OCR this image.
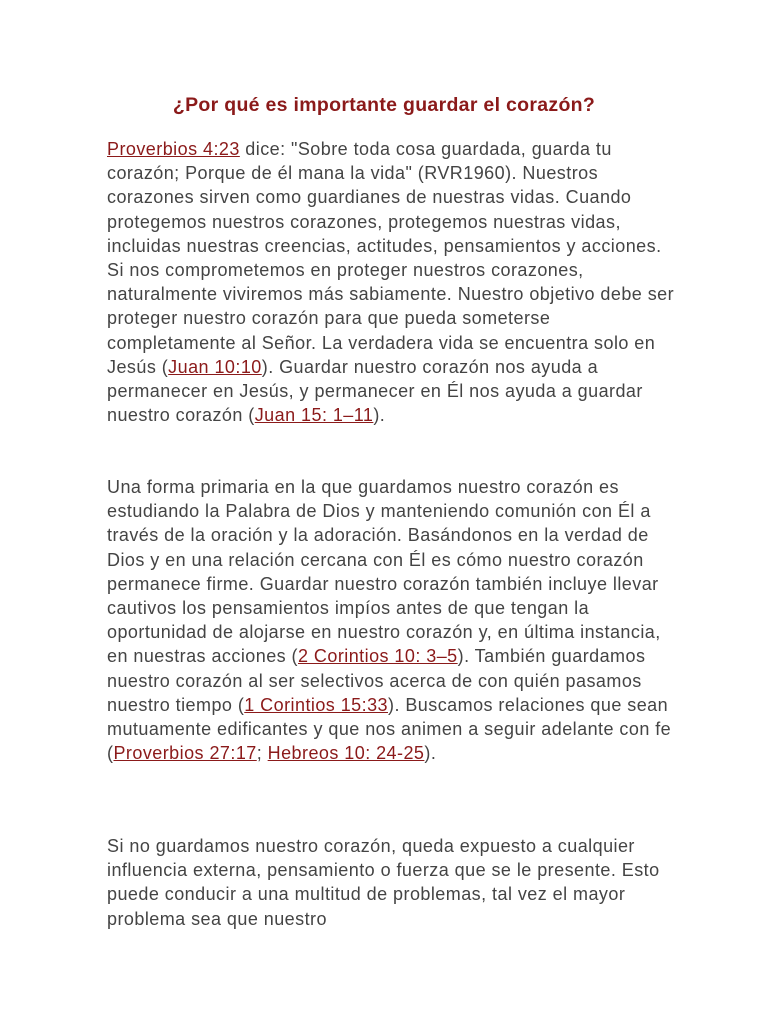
¿Por qué es importante guardar el corazón?

Proverbios 4:23 dice: "Sobre toda cosa guardada, guarda tu corazón; Porque de él mana la vida" (RVR1960). Nuestros corazones sirven como guardianes de nuestras vidas. Cuando protegemos nuestros corazones, protegemos nuestras vidas, incluidas nuestras creencias, actitudes, pensamientos y acciones. Si nos comprometemos en proteger nuestros corazones, naturalmente viviremos más sabiamente. Nuestro objetivo debe ser proteger nuestro corazón para que pueda someterse completamente al Señor. La verdadera vida se encuentra solo en Jesús (Juan 10:10). Guardar nuestro corazón nos ayuda a permanecer en Jesús, y permanecer en Él nos ayuda a guardar nuestro corazón (Juan 15: 1–11).

Una forma primaria en la que guardamos nuestro corazón es estudiando la Palabra de Dios y manteniendo comunión con Él a través de la oración y la adoración. Basándonos en la verdad de Dios y en una relación cercana con Él es cómo nuestro corazón permanece firme. Guardar nuestro corazón también incluye llevar cautivos los pensamientos impíos antes de que tengan la oportunidad de alojarse en nuestro corazón y, en última instancia, en nuestras acciones (2 Corintios 10: 3–5). También guardamos nuestro corazón al ser selectivos acerca de con quién pasamos nuestro tiempo (1 Corintios 15:33). Buscamos relaciones que sean mutuamente edificantes y que nos animen a seguir adelante con fe (Proverbios 27:17; Hebreos 10: 24-25).

Si no guardamos nuestro corazón, queda expuesto a cualquier influencia externa, pensamiento o fuerza que se le presente. Esto puede conducir a una multitud de problemas, tal vez el mayor problema sea que nuestro
